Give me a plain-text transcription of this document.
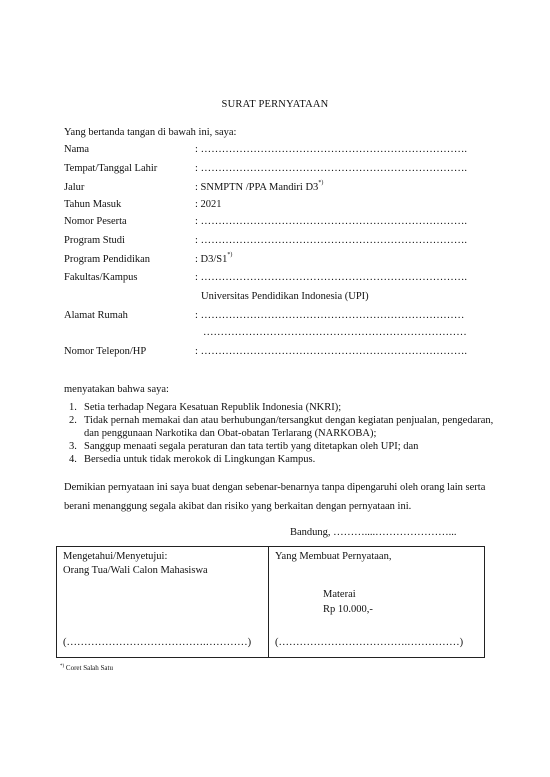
SURAT PERNYATAAN
Yang bertanda tangan di bawah ini, saya:
Nama	: ………………………………………………………………….
Tempat/Tanggal Lahir	: ………………………………………………………………….
Jalur	: SNMPTN /PPA Mandiri D3*)
Tahun Masuk	: 2021
Nomor Peserta	: ………………………………………………………………….
Program Studi	: ………………………………………………………………….
Program Pendidikan	: D3/S1*)
Fakultas/Kampus	: ………………………………………………………………….
Universitas Pendidikan Indonesia (UPI)
Alamat Rumah	: …………………………………………………………………
…………………………………………………………………
Nomor Telepon/HP	: ………………………………………………………………….
menyatakan bahwa saya:
1. Setia terhadap Negara Kesatuan Republik Indonesia (NKRI);
2. Tidak pernah memakai dan atau berhubungan/tersangkut dengan kegiatan penjualan, pengedaran, dan penggunaan Narkotika dan Obat-obatan Terlarang (NARKOBA);
3. Sanggup menaati segala peraturan dan tata tertib yang ditetapkan oleh UPI; dan
4. Bersedia untuk tidak merokok di Lingkungan Kampus.
Demikian pernyataan ini saya buat dengan sebenar-benarnya tanpa dipengaruhi oleh orang lain serta berani menanggung segala akibat dan risiko yang berkaitan dengan pernyataan ini.
Bandung, ………....…………………...
Mengetahui/Menyetujui:
Orang Tua/Wali Calon Mahasiswa
(………………………………….…………)
Yang Membuat Pernyataan,
Materai
Rp 10.000,-
(……………………………….……………)
*) Coret Salah Satu
